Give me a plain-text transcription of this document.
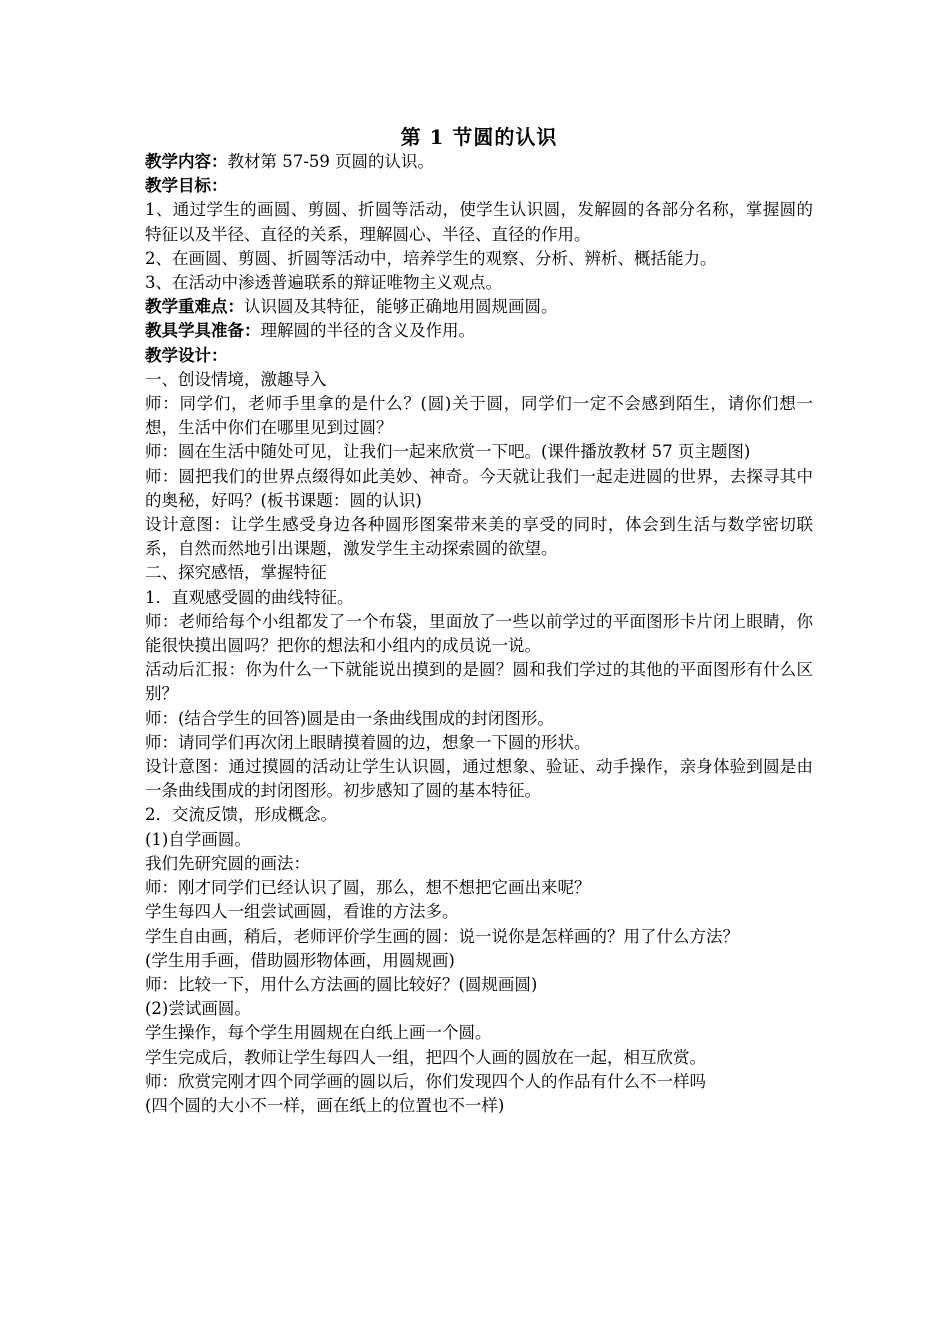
第 1 节圆的认识

教学内容：教材第 57-59 页圆的认识。

教学目标：

1、通过学生的画圆、剪圆、折圆等活动，使学生认识圆，发解圆的各部分名称，掌握圆的特征以及半径、直径的关系，理解圆心、半径、直径的作用。

2、在画圆、剪圆、折圆等活动中，培养学生的观察、分析、辨析、概括能力。

3、在活动中渗透普遍联系的辩证唯物主义观点。

教学重难点：认识圆及其特征，能够正确地用圆规画圆。

教具学具准备：理解圆的半径的含义及作用。

教学设计：

一、创设情境，激趣导入

师：同学们，老师手里拿的是什么？(圆)关于圆，同学们一定不会感到陌生，请你们想一想，生活中你们在哪里见到过圆？

师：圆在生活中随处可见，让我们一起来欣赏一下吧。(课件播放教材 57 页主题图)

师：圆把我们的世界点缀得如此美妙、神奇。今天就让我们一起走进圆的世界，去探寻其中的奥秘，好吗？(板书课题：圆的认识)

设计意图：让学生感受身边各种圆形图案带来美的享受的同时，体会到生活与数学密切联系，自然而然地引出课题，激发学生主动探索圆的欲望。

二、探究感悟，掌握特征

1．直观感受圆的曲线特征。

师：老师给每个小组都发了一个布袋，里面放了一些以前学过的平面图形卡片闭上眼睛，你能很快摸出圆吗？把你的想法和小组内的成员说一说。

活动后汇报：你为什么一下就能说出摸到的是圆？圆和我们学过的其他的平面图形有什么区别？

师：(结合学生的回答)圆是由一条曲线围成的封闭图形。

师：请同学们再次闭上眼睛摸着圆的边，想象一下圆的形状。

设计意图：通过摸圆的活动让学生认识圆，通过想象、验证、动手操作，亲身体验到圆是由一条曲线围成的封闭图形。初步感知了圆的基本特征。

2．交流反馈，形成概念。

(1)自学画圆。

我们先研究圆的画法：

师：刚才同学们已经认识了圆，那么，想不想把它画出来呢？

学生每四人一组尝试画圆，看谁的方法多。

学生自由画，稍后，老师评价学生画的圆：说一说你是怎样画的？用了什么方法？

(学生用手画，借助圆形物体画，用圆规画)

师：比较一下，用什么方法画的圆比较好？(圆规画圆)

(2)尝试画圆。

学生操作，每个学生用圆规在白纸上画一个圆。

学生完成后，教师让学生每四人一组，把四个人画的圆放在一起，相互欣赏。

师：欣赏完刚才四个同学画的圆以后，你们发现四个人的作品有什么不一样吗

(四个圆的大小不一样，画在纸上的位置也不一样)
